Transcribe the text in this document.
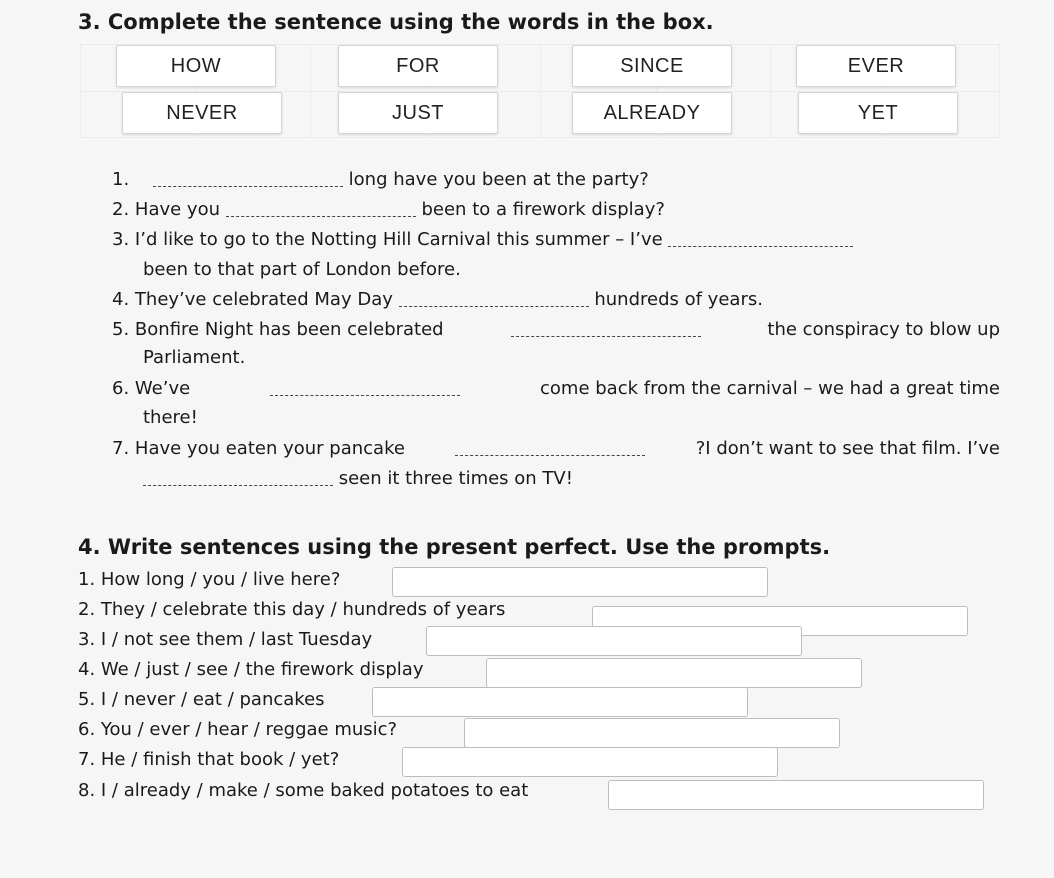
3. Complete the sentence using the words in the box.
HOW	FOR	SINCE	EVER
NEVER	JUST	ALREADY	YET
1.	long have you been at the party?
2. Have you	been to a firework display?
3. I’d like to go to the Notting Hill Carnival this summer – I’ve
been to that part of London before.
4. They’ve celebrated May Day	hundreds of years.
5. Bonfire Night has been celebrated	the conspiracy to blow up
Parliament.
6. We’ve	come back from the carnival – we had a great time
there!
7. Have you eaten your pancake	?I don’t want to see that film. I’ve
seen it three times on TV!
4. Write sentences using the present perfect. Use the prompts.
1. How long / you / live here?
2. They / celebrate this day / hundreds of years
3. I / not see them / last Tuesday
4. We / just / see / the firework display
5. I / never / eat / pancakes
6. You / ever / hear / reggae music?
7. He / finish that book / yet?
8. I / already / make / some baked potatoes to eat
